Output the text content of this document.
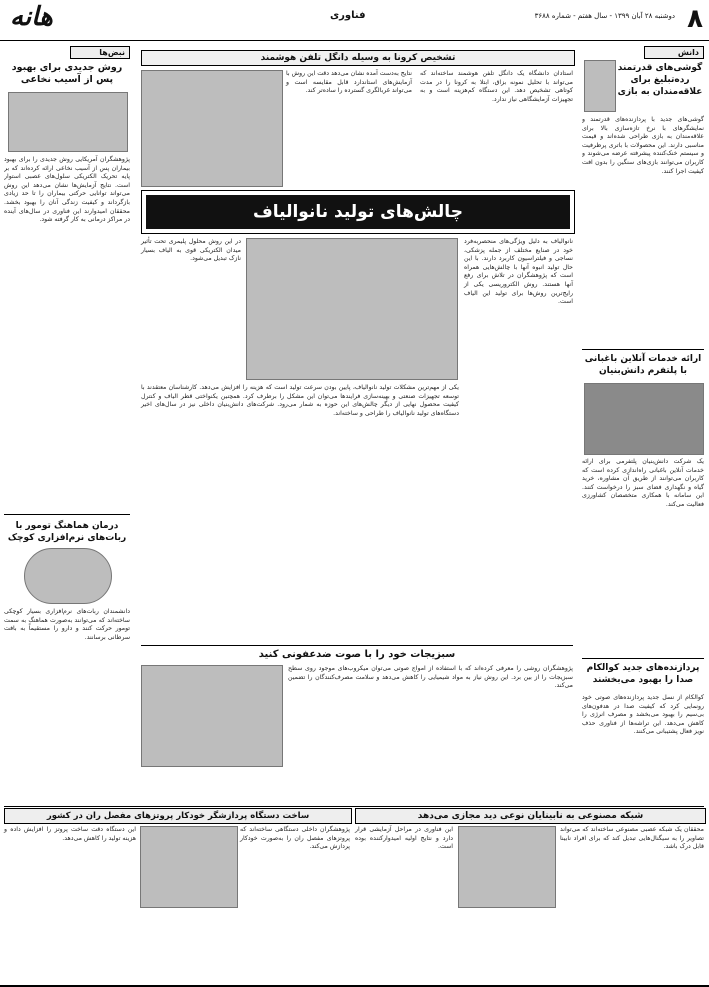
۸
دوشنبه ۲۸ آبان ۱۳۹۹ - سال هفتم - شماره ۳۶۸۸
فناوری
هانه
دانش
گوشی‌های قدرتمند رده‌تبلیغ برای علاقه‌مندان به بازی
گوشی‌های جدید با پردازنده‌های قدرتمند و نمایشگرهای با نرخ تازه‌سازی بالا برای علاقه‌مندان به بازی طراحی شده‌اند و قیمت مناسبی دارند. این محصولات با باتری پرظرفیت و سیستم خنک‌کننده پیشرفته عرضه می‌شوند و کاربران می‌توانند بازی‌های سنگین را بدون افت کیفیت اجرا کنند.
ارائه خدمات آنلاین باغبانی با پلتفرم دانش‌بنیان
یک شرکت دانش‌بنیان پلتفرمی برای ارائه خدمات آنلاین باغبانی راه‌اندازی کرده است که کاربران می‌توانند از طریق آن مشاوره، خرید گیاه و نگهداری فضای سبز را درخواست کنند. این سامانه با همکاری متخصصان کشاورزی فعالیت می‌کند.
پردازنده‌های جدید کوالکام صدا را بهبود می‌بخشند
کوالکام از نسل جدید پردازنده‌های صوتی خود رونمایی کرد که کیفیت صدا در هدفون‌های بی‌سیم را بهبود می‌بخشد و مصرف انرژی را کاهش می‌دهد. این تراشه‌ها از فناوری حذف نویز فعال پشتیبانی می‌کنند.
نبض‌ها
روش جدیدی برای بهبود پس از آسیب نخاعی
پژوهشگران آمریکایی روش جدیدی را برای بهبود بیماران پس از آسیب نخاعی ارائه کرده‌اند که بر پایه تحریک الکتریکی سلول‌های عصبی استوار است. نتایج آزمایش‌ها نشان می‌دهد این روش می‌تواند توانایی حرکتی بیماران را تا حد زیادی بازگرداند و کیفیت زندگی آنان را بهبود بخشد. محققان امیدوارند این فناوری در سال‌های آینده در مراکز درمانی به کار گرفته شود.
درمان هماهنگ تومور با ربات‌های نرم‌افزاری کوچک
دانشمندان ربات‌های نرم‌افزاری بسیار کوچکی ساخته‌اند که می‌توانند به‌صورت هماهنگ به سمت تومور حرکت کنند و دارو را مستقیماً به بافت سرطانی برسانند.
تشخیص کرونا به وسیله دانگل تلفن هوشمند
استادان دانشگاه یک دانگل تلفن هوشمند ساخته‌اند که می‌تواند با تحلیل نمونه بزاق، ابتلا به کرونا را در مدت کوتاهی تشخیص دهد. این دستگاه کم‌هزینه است و به تجهیزات آزمایشگاهی نیاز ندارد.
نتایج به‌دست آمده نشان می‌دهد دقت این روش با آزمایش‌های استاندارد قابل مقایسه است و می‌تواند غربالگری گسترده را ساده‌تر کند.
چالش‌های تولید نانوالیاف
نانوالیاف به دلیل ویژگی‌های منحصربه‌فرد خود در صنایع مختلف از جمله پزشکی، نساجی و فیلتراسیون کاربرد دارند. با این حال تولید انبوه آنها با چالش‌هایی همراه است که پژوهشگران در تلاش برای رفع آنها هستند. روش الکتروریسی یکی از رایج‌ترین روش‌ها برای تولید این الیاف است.
در این روش محلول پلیمری تحت تأثیر میدان الکتریکی قوی به الیاف بسیار نازک تبدیل می‌شود.
یکی از مهم‌ترین مشکلات تولید نانوالیاف، پایین بودن سرعت تولید است که هزینه را افزایش می‌دهد. کارشناسان معتقدند با توسعه تجهیزات صنعتی و بهینه‌سازی فرایندها می‌توان این مشکل را برطرف کرد. همچنین یکنواختی قطر الیاف و کنترل کیفیت محصول نهایی از دیگر چالش‌های این حوزه به شمار می‌رود. شرکت‌های دانش‌بنیان داخلی نیز در سال‌های اخیر دستگاه‌های تولید نانوالیاف را طراحی و ساخته‌اند.
سبزیجات خود را با صوت ضدعفونی کنید
پژوهشگران روشی را معرفی کرده‌اند که با استفاده از امواج صوتی می‌توان میکروب‌های موجود روی سطح سبزیجات را از بین برد. این روش نیاز به مواد شیمیایی را کاهش می‌دهد و سلامت مصرف‌کنندگان را تضمین می‌کند.
شبکه مصنوعی به نابینایان نوعی دید مجازی می‌دهد
محققان یک شبکه عصبی مصنوعی ساخته‌اند که می‌تواند تصاویر را به سیگنال‌هایی تبدیل کند که برای افراد نابینا قابل درک باشد.
این فناوری در مراحل آزمایشی قرار دارد و نتایج اولیه امیدوارکننده بوده است.
ساخت دستگاه پردازشگر خودکار پروتزهای مفصل ران در کشور
پژوهشگران داخلی دستگاهی ساخته‌اند که پروتزهای مفصل ران را به‌صورت خودکار پردازش می‌کند.
این دستگاه دقت ساخت پروتز را افزایش داده و هزینه تولید را کاهش می‌دهد.
